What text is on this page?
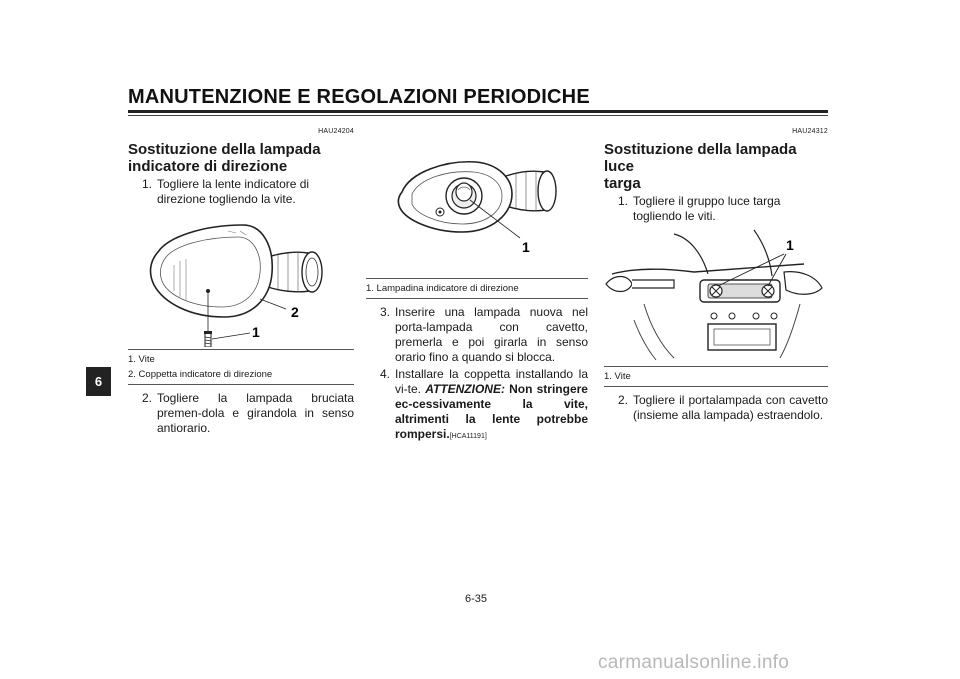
MANUTENZIONE E REGOLAZIONI PERIODICHE
6
HAU24204
Sostituzione della lampada
indicatore di direzione
1. Togliere la lente indicatore di direzione togliendo la vite.
1
2
1. Vite
2. Coppetta indicatore di direzione
2. Togliere la lampada bruciata premen-dola e girandola in senso antiorario.
1
1. Lampadina indicatore di direzione
3. Inserire una lampada nuova nel porta-lampada con cavetto, premerla e poi girarla in senso orario fino a quando si blocca.
4. Installare la coppetta installando la vi-te. ATTENZIONE: Non stringere ec-cessivamente la vite, altrimenti la lente potrebbe rompersi.[HCA11191]
HAU24312
Sostituzione della lampada luce
targa
1. Togliere il gruppo luce targa togliendo le viti.
1
1. Vite
2. Togliere il portalampada con cavetto (insieme alla lampada) estraendolo.
6-35
carmanualsonline.info
